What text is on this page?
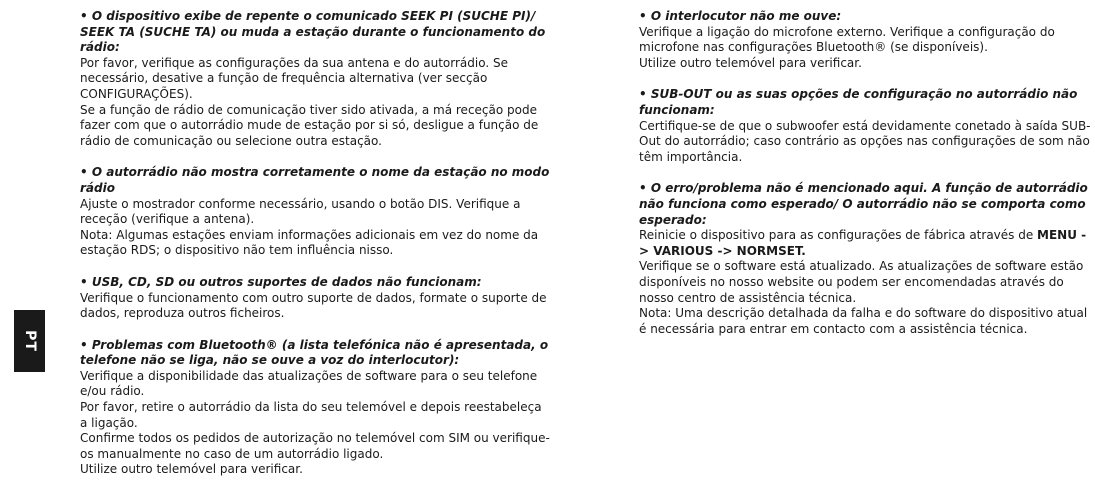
PT

• O dispositivo exibe de repente o comunicado SEEK PI (SUCHE PI)/ SEEK TA (SUCHE TA) ou muda a estação durante o funcionamento do rádio:

Por favor, verifique as configurações da sua antena e do autorrádio. Se necessário, desative a função de frequência alternativa (ver secção CONFIGURAÇÕES).

Se a função de rádio de comunicação tiver sido ativada, a má receção pode fazer com que o autorrádio mude de estação por si só, desligue a função de rádio de comunicação ou selecione outra estação.

• O autorrádio não mostra corretamente o nome da estação no modo rádio

Ajuste o mostrador conforme necessário, usando o botão DIS. Verifique a receção (verifique a antena).

Nota: Algumas estações enviam informações adicionais em vez do nome da estação RDS; o dispositivo não tem influência nisso.

• USB, CD, SD ou outros suportes de dados não funcionam:

Verifique o funcionamento com outro suporte de dados, formate o suporte de dados, reproduza outros ficheiros.

• Problemas com Bluetooth® (a lista telefónica não é apresentada, o telefone não se liga, não se ouve a voz do interlocutor):

Verifique a disponibilidade das atualizações de software para o seu telefone e/ou rádio.

Por favor, retire o autorrádio da lista do seu telemóvel e depois reestabeleça a ligação.

Confirme todos os pedidos de autorização no telemóvel com SIM ou verifique-os manualmente no caso de um autorrádio ligado.

Utilize outro telemóvel para verificar.

• O interlocutor não me ouve:

Verifique a ligação do microfone externo. Verifique a configuração do microfone nas configurações Bluetooth® (se disponíveis).

Utilize outro telemóvel para verificar.

• SUB-OUT ou as suas opções de configuração no autorrádio não funcionam:

Certifique-se de que o subwoofer está devidamente conetado à saída SUB- Out do autorrádio; caso contrário as opções nas configurações de som não têm importância.

• O erro/problema não é mencionado aqui. A função de autorrádio não funciona como esperado/ O autorrádio não se comporta como esperado:

Reinicie o dispositivo para as configurações de fábrica através de MENU -> VARIOUS -> NORMSET.

Verifique se o software está atualizado. As atualizações de software estão disponíveis no nosso website ou podem ser encomendadas através do nosso centro de assistência técnica.

Nota: Uma descrição detalhada da falha e do software do dispositivo atual é necessária para entrar em contacto com a assistência técnica.
